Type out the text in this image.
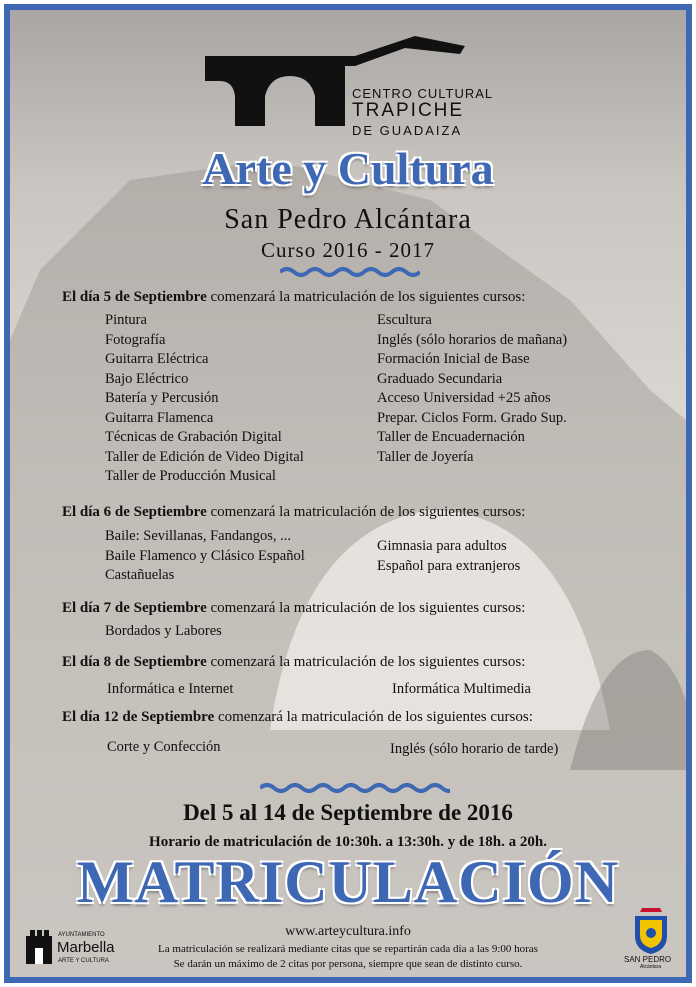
CENTRO CULTURAL
TRAPICHE
DE GUADAIZA
Arte y Cultura
San Pedro Alcántara
Curso 2016 - 2017
El día 5 de Septiembre comenzará la matriculación de los siguientes cursos:
Pintura
Fotografía
Guitarra Eléctrica
Bajo Eléctrico
Batería y Percusión
Guitarra Flamenca
Técnicas de Grabación Digital
Taller de Edición de Video Digital
Taller de Producción Musical
Escultura
Inglés (sólo horarios de mañana)
Formación Inicial de Base
Graduado Secundaria
Acceso Universidad +25 años
Prepar. Ciclos Form. Grado Sup.
Taller de Encuadernación
Taller de Joyería
El día 6 de Septiembre comenzará la matriculación de los siguientes cursos:
Baile: Sevillanas, Fandangos, ...
Baile Flamenco y Clásico Español
Castañuelas
Gimnasia para adultos
Español para extranjeros
El día 7 de Septiembre comenzará la matriculación de los siguientes cursos:
Bordados y Labores
El día 8 de Septiembre comenzará la matriculación de los siguientes cursos:
Informática e Internet	Informática Multimedia
El día 12 de Septiembre comenzará la matriculación de los siguientes cursos:
Corte y Confección	Inglés (sólo horario de tarde)
Del 5 al 14 de Septiembre de 2016
Horario de matriculación de 10:30h. a 13:30h. y de 18h. a 20h.
MATRICULACIÓN
www.arteycultura.info
La matriculación se realizará mediante citas que se repartirán cada día a las 9:00 horas
Se darán un máximo de 2 citas por persona, siempre que sean de distinto curso.
AYUNTAMIENTO
Marbella
ARTE Y CULTURA	SAN PEDRO
Alcántara
